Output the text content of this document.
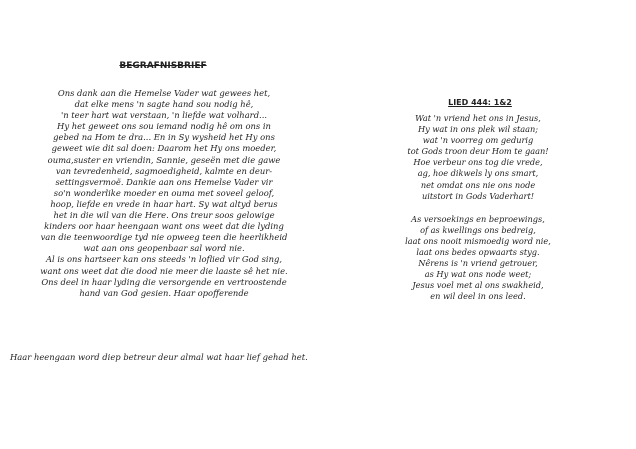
BEGRAFNISBRIEF
Ons dank aan die Hemelse Vader wat gewees het,
dat elke mens 'n sagte hand sou nodig hê,
'n teer hart wat verstaan, 'n liefde wat volhard...
Hy het geweet ons sou iemand nodig hê om ons in
gebed na Hom te dra... En in Sy wysheid het Hy ons
geweet wie dit sal doen: Daarom het Hy ons moeder,
ouma,suster en vriendin, Sannie, geseën met die gawe
van tevredenheid, sagmoedigheid, kalmte en deur-
settingsvermoë. Dankie aan ons Hemelse Vader vir
so'n wonderlike moeder en ouma met soveel geloof,
hoop, liefde en vrede in haar hart. Sy wat altyd berus
het in die wil van die Here. Ons treur soos gelowige
kinders oor haar heengaan want ons weet dat die lyding
van die teenwoordige tyd nie opweeg teen die heerlikheid
wat aan ons geopenbaar sal word nie.
Al is ons hartseer kan ons steeds 'n loflied vir God sing,
want ons weet dat die dood nie meer die laaste sê het nie.
Ons deel in haar lyding die versorgende en vertroostende
hand van God gesien. Haar opofferende
Haar heengaan word diep betreur deur almal wat haar lief gehad het.
LIED 444: 1&2
Wat 'n vriend het ons in Jesus,
Hy wat in ons plek wil staan;
wat 'n voorreg om gedurig
tot Gods troon deur Hom te gaan!
Hoe verbeur ons tog die vrede,
ag, hoe dikwels ly ons smart,
net omdat ons nie ons node
uitstort in Gods Vaderhart!
As versoekings en beproewings,
of as kwellings ons bedreig,
laat ons nooit mismoedig word nie,
laat ons bedes opwaarts styg.
Nêrens is 'n vriend getrouer,
as Hy wat ons node weet;
Jesus voel met al ons swakheid,
en wil deel in ons leed.
